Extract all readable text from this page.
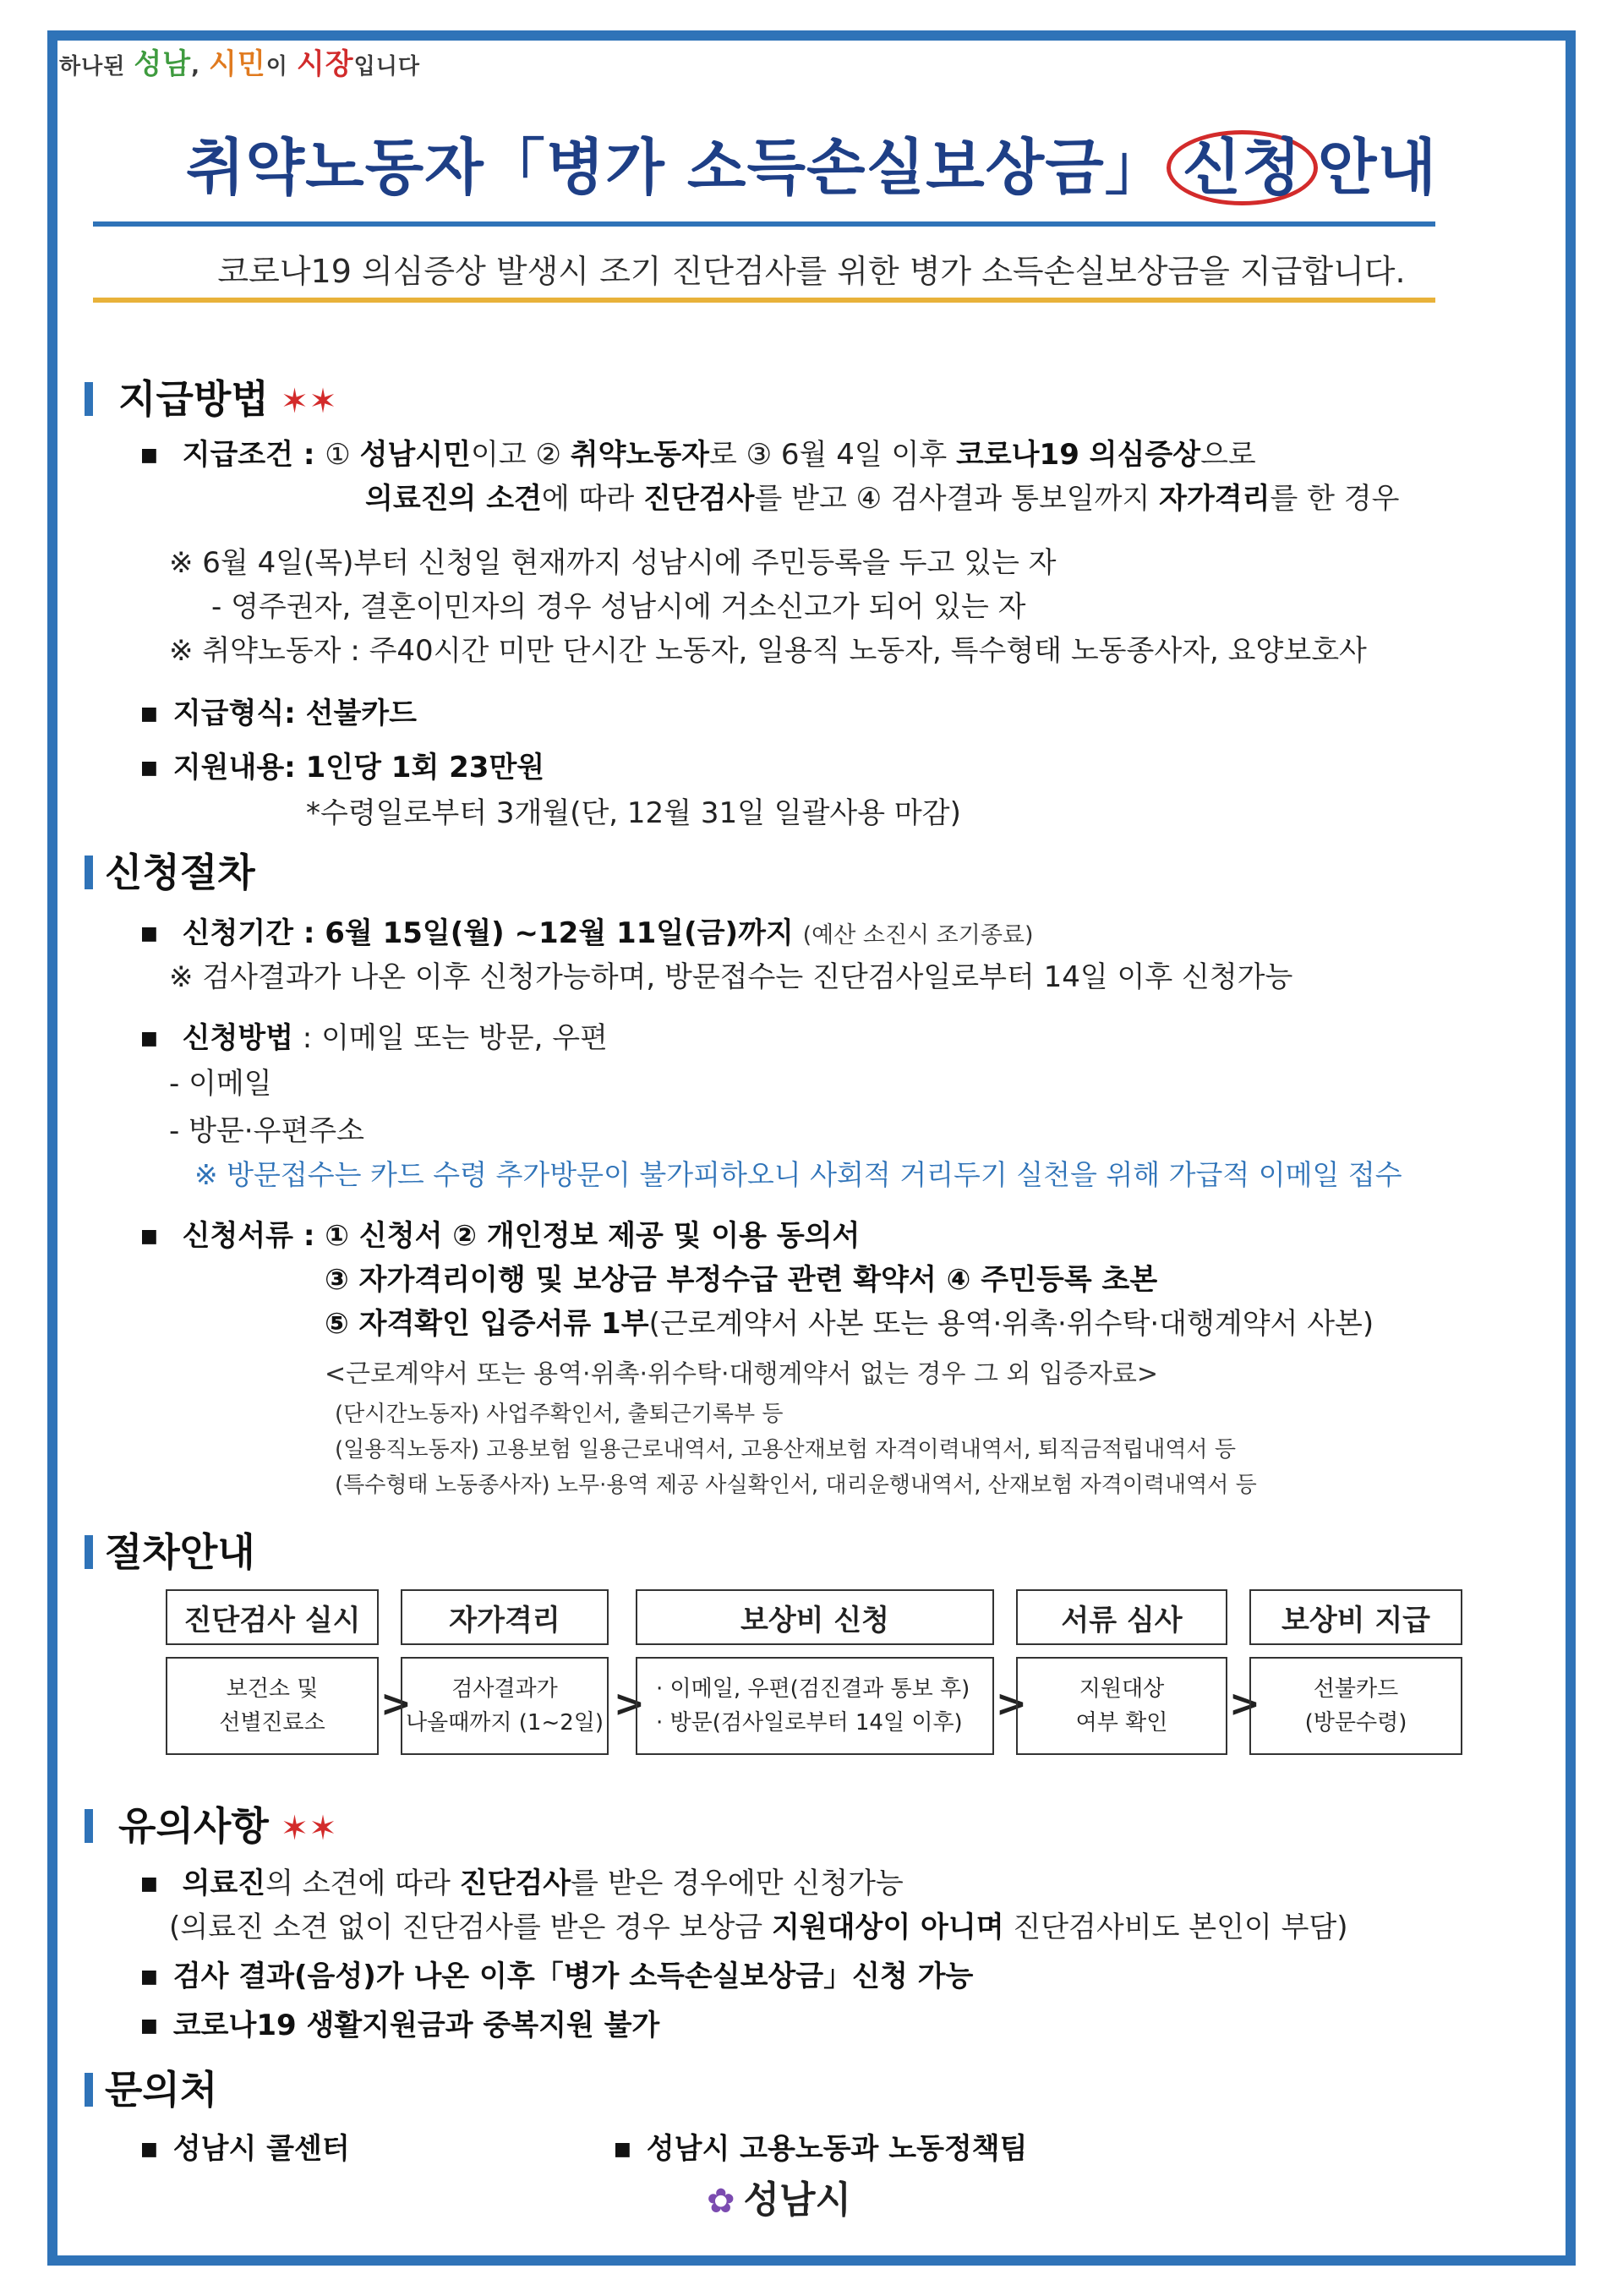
하나된 성남, 시민이 시장입니다
취약노동자「병가 소득손실보상금」 신청 안내
코로나19 의심증상 발생시 조기 진단검사를 위한 병가 소득손실보상금을 지급합니다.
지급방법 ✶✶
■ 지급조건 : ① 성남시민이고 ② 취약노동자로 ③ 6월 4일 이후 코로나19 의심증상으로
의료진의 소견에 따라 진단검사를 받고 ④ 검사결과 통보일까지 자가격리를 한 경우
※ 6월 4일(목)부터 신청일 현재까지 성남시에 주민등록을 두고 있는 자
- 영주권자, 결혼이민자의 경우 성남시에 거소신고가 되어 있는 자
※ 취약노동자 : 주40시간 미만 단시간 노동자, 일용직 노동자, 특수형태 노동종사자, 요양보호사
■ 지급형식: 선불카드
■ 지원내용: 1인당 1회 23만원
*수령일로부터 3개월(단, 12월 31일 일괄사용 마감)
신청절차
■ 신청기간 : 6월 15일(월) ~12월 11일(금)까지 (예산 소진시 조기종료)
※ 검사결과가 나온 이후 신청가능하며, 방문접수는 진단검사일로부터 14일 이후 신청가능
■ 신청방법 : 이메일 또는 방문, 우편
- 이메일
- 방문·우편주소
※ 방문접수는 카드 수령 추가방문이 불가피하오니 사회적 거리두기 실천을 위해 가급적 이메일 접수
■ 신청서류 : ① 신청서 ② 개인정보 제공 및 이용 동의서
③ 자가격리이행 및 보상금 부정수급 관련 확약서 ④ 주민등록 초본
⑤ 자격확인 입증서류 1부(근로계약서 사본 또는 용역·위촉·위수탁·대행계약서 사본)
<근로계약서 또는 용역·위촉·위수탁·대행계약서 없는 경우 그 외 입증자료>
(단시간노동자) 사업주확인서, 출퇴근기록부 등
(일용직노동자) 고용보험 일용근로내역서, 고용산재보험 자격이력내역서, 퇴직금적립내역서 등
(특수형태 노동종사자) 노무·용역 제공 사실확인서, 대리운행내역서, 산재보험 자격이력내역서 등
절차안내
진단검사 실시	자가격리	보상비 신청	서류 심사	보상비 지급
보건소 및
선별진료소 > 검사결과가
나올때까지 (1~2일) > · 이메일, 우편(검진결과 통보 후)
· 방문(검사일로부터 14일 이후) > 지원대상
여부 확인 > 선불카드
(방문수령)
유의사항 ✶✶
■ 의료진의 소견에 따라 진단검사를 받은 경우에만 신청가능
(의료진 소견 없이 진단검사를 받은 경우 보상금 지원대상이 아니며 진단검사비도 본인이 부담)
■ 검사 결과(음성)가 나온 이후「병가 소득손실보상금」신청 가능
■ 코로나19 생활지원금과 중복지원 불가
문의처
■ 성남시 콜센터
■	성남시 고용노동과 노동정책팀
✿ 성남시
